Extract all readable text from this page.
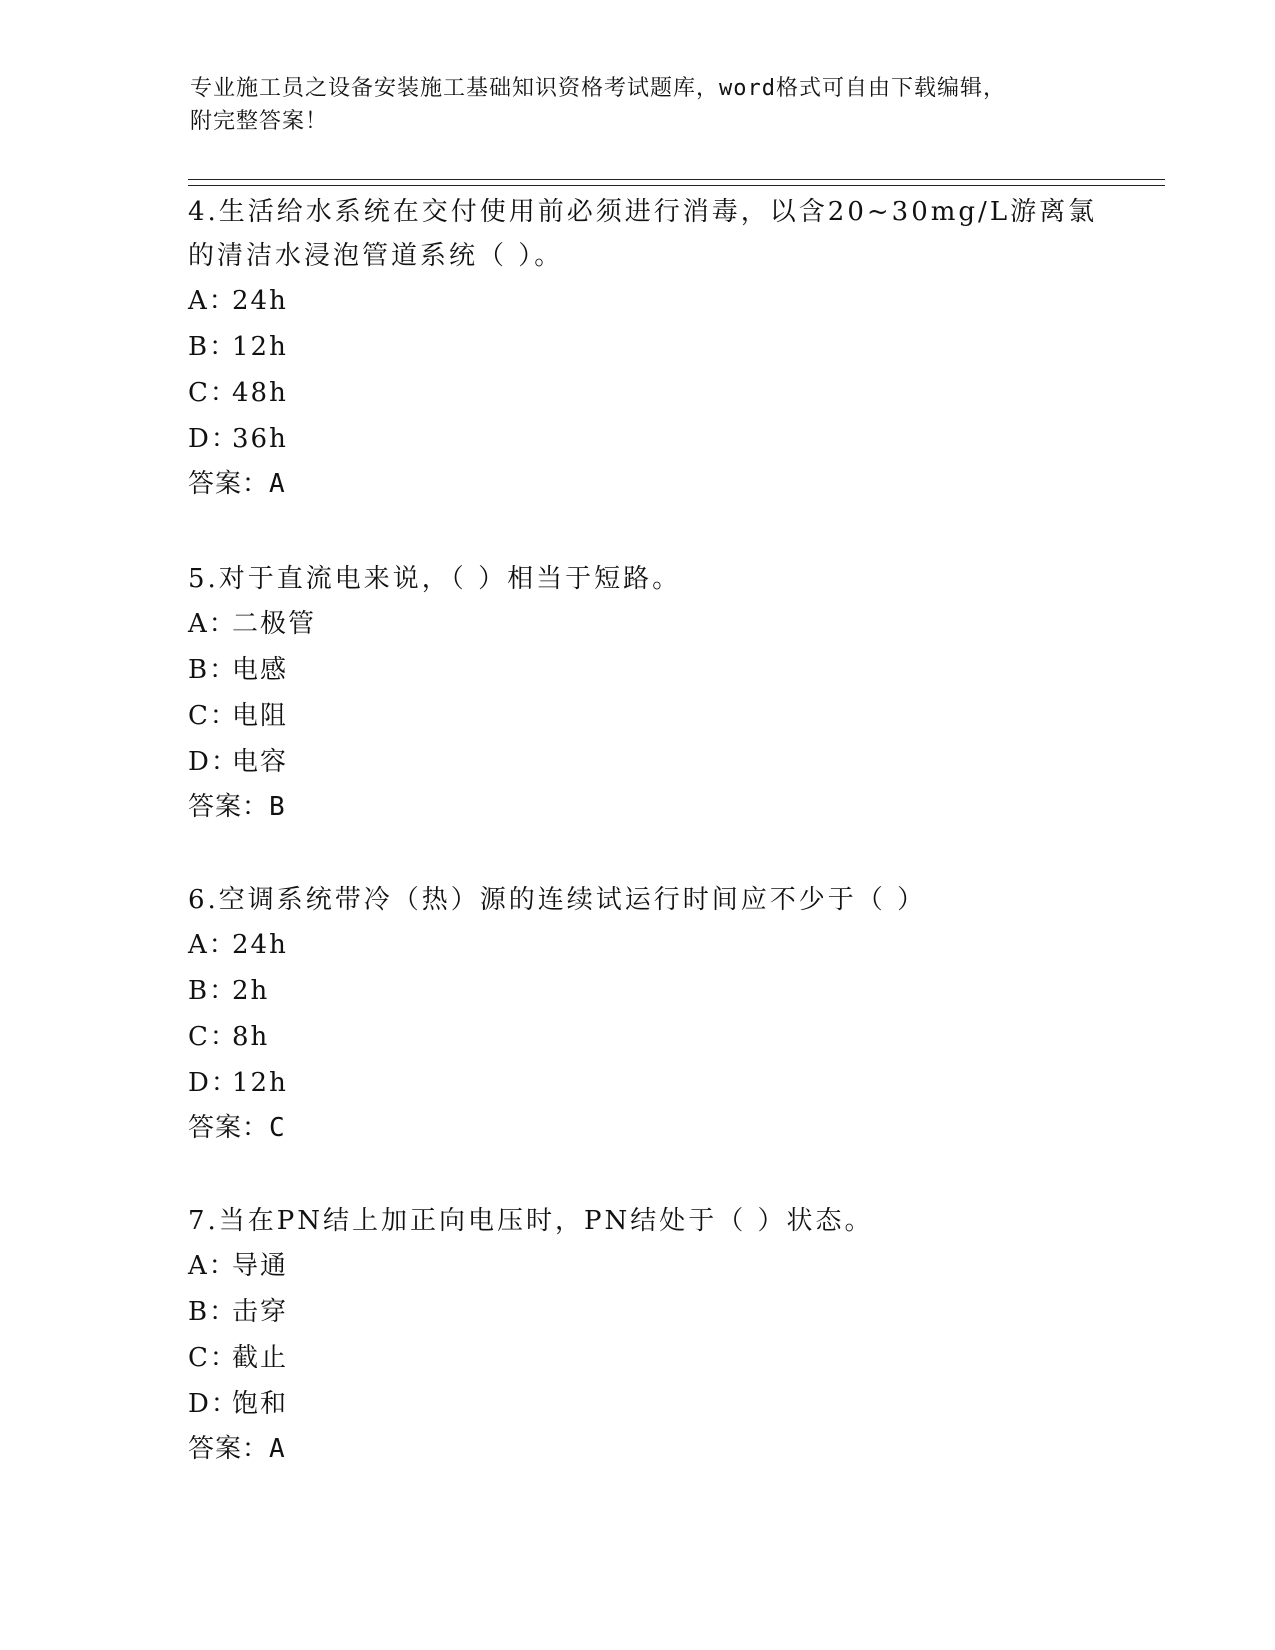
专业施工员之设备安装施工基础知识资格考试题库，word格式可自由下载编辑，
附完整答案！
4.生活给水系统在交付使用前必须进行消毒，以含20~30mg/L游离氯
的清洁水浸泡管道系统（ ）。
A：24h
B：12h
C：48h
D：36h
答案：A
5.对于直流电来说，（ ）相当于短路。
A：二极管
B：电感
C：电阻
D：电容
答案：B
6.空调系统带冷（热）源的连续试运行时间应不少于（ ）
A：24h
B：2h
C：8h
D：12h
答案：C
7.当在PN结上加正向电压时，PN结处于（ ）状态。
A：导通
B：击穿
C：截止
D：饱和
答案：A
